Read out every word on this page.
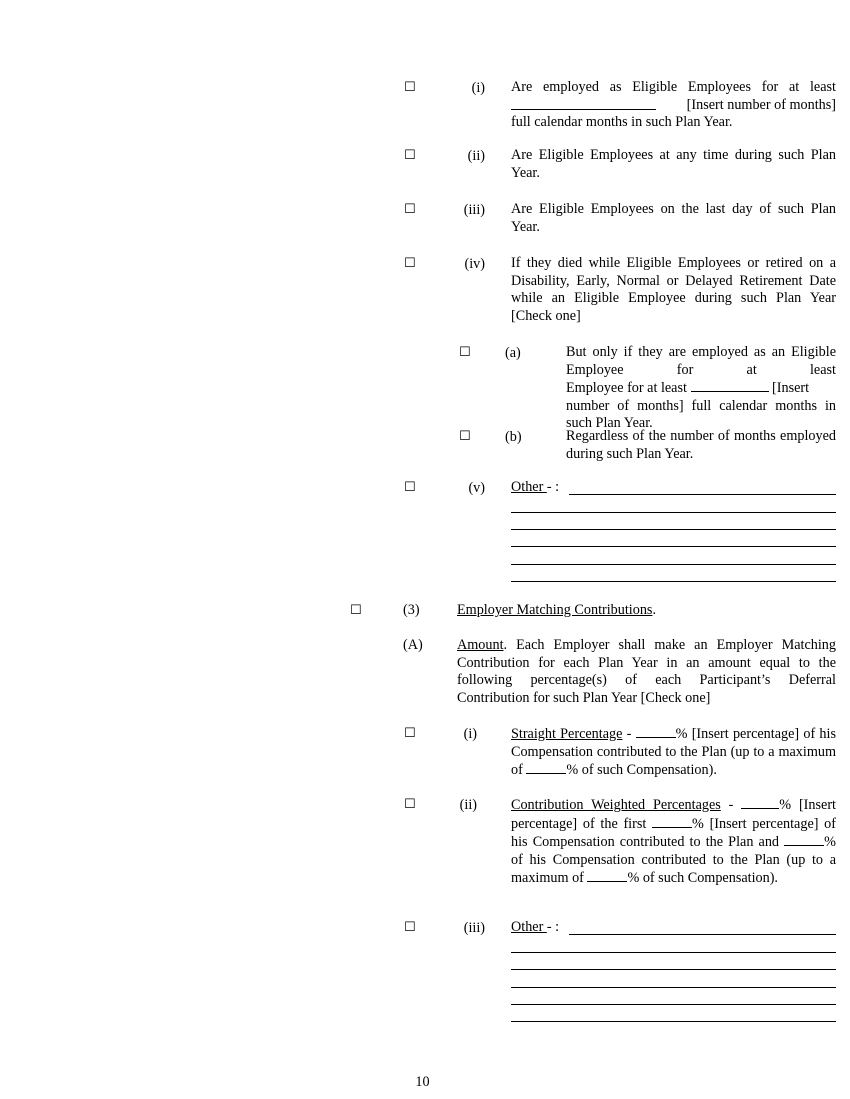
☐	(i) Are employed as Eligible Employees for at least
[Insert number of months]
full calendar months in such Plan Year.
☐	(ii) Are Eligible Employees at any time during such Plan Year.
☐	(iii) Are Eligible Employees on the last day of such Plan Year.
☐	(iv) If they died while Eligible Employees or retired on a Disability, Early, Normal or Delayed Retirement Date while an Eligible Employee during such Plan Year [Check one]
☐ (a)	But only if they are employed as an Eligible Employee for at least
Employee for at least	[Insert
number of months] full calendar months in such Plan Year.
☐ (b)	Regardless of the number of months employed during such Plan Year.
☐	(v) Other - :
☐	(3)	Employer Matching Contributions.
(A) Amount. Each Employer shall make an Employer Matching Contribution for each Plan Year in an amount equal to the following percentage(s) of each Participant’s Deferral Contribution for such Plan Year [Check one]
☐	(i) Straight Percentage -	% [Insert percentage] of his Compensation contributed to the Plan (up to a maximum of	% of such Compensation).
☐	(ii) Contribution Weighted Percentages -	% [Insert percentage] of the first	% [Insert percentage] of his Compensation contributed to the Plan and	% of his Compensation contributed to the Plan (up to a maximum of	% of such Compensation).
☐	(iii) Other - :
10
